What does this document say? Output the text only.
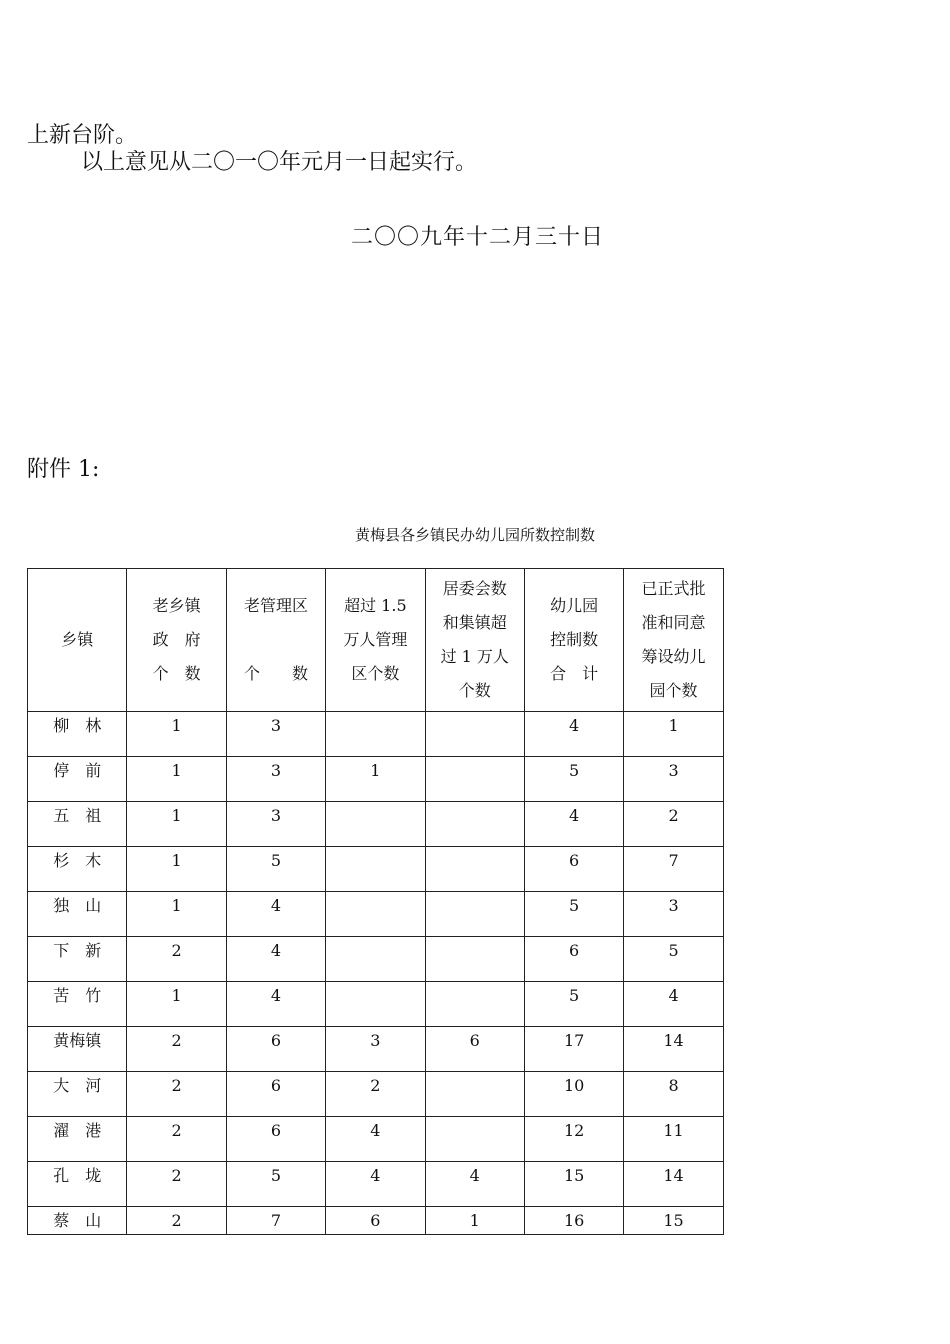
上新台阶。
以上意见从二〇一〇年元月一日起实行。
二〇〇九年十二月三十日
附件 1:
黄梅县各乡镇民办幼儿园所数控制数
乡镇	老乡镇
政　府
个　数	老管理区

个　　数	超过 1.5
万人管理
区个数	居委会数
和集镇超
过 1 万人
个数	幼儿园
控制数
合　计	已正式批
准和同意
筹设幼儿
园个数

柳　林	1	3			4	1
停　前	1	3	1		5	3
五　祖	1	3			4	2
杉　木	1	5			6	7
独　山	1	4			5	3
下　新	2	4			6	5
苦　竹	1	4			5	4
黄梅镇	2	6	3	6	17	14
大　河	2	6	2		10	8
濯　港	2	6	4		12	11
孔　垅	2	5	4	4	15	14
蔡　山	2	7	6	1	16	15
